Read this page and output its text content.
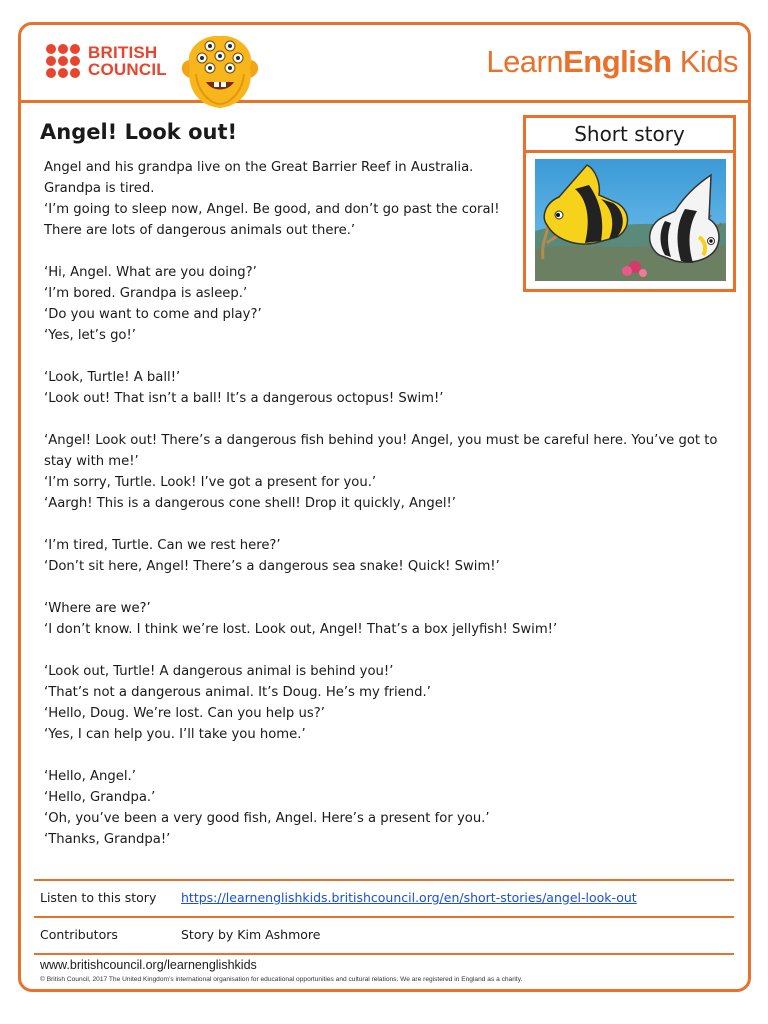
BRITISH
COUNCIL	LearnEnglish Kids
Angel! Look out!	Short story
Angel and his grandpa live on the Great Barrier Reef in Australia.
Grandpa is tired.
‘I’m going to sleep now, Angel. Be good, and don’t go past the coral!
There are lots of dangerous animals out there.’
‘Hi, Angel. What are you doing?’
‘I’m bored. Grandpa is asleep.’
‘Do you want to come and play?’
‘Yes, let’s go!’
‘Look, Turtle! A ball!’
‘Look out! That isn’t a ball! It’s a dangerous octopus! Swim!’
‘Angel! Look out! There’s a dangerous fish behind you! Angel, you must be careful here. You’ve got to stay with me!’
‘I’m sorry, Turtle. Look! I’ve got a present for you.’
‘Aargh! This is a dangerous cone shell! Drop it quickly, Angel!’
‘I’m tired, Turtle. Can we rest here?’
‘Don’t sit here, Angel! There’s a dangerous sea snake! Quick! Swim!’
‘Where are we?’
‘I don’t know. I think we’re lost. Look out, Angel! That’s a box jellyfish! Swim!’
‘Look out, Turtle! A dangerous animal is behind you!’
‘That’s not a dangerous animal. It’s Doug. He’s my friend.’
‘Hello, Doug. We’re lost. Can you help us?’
‘Yes, I can help you. I’ll take you home.’
‘Hello, Angel.’
‘Hello, Grandpa.’
‘Oh, you’ve been a very good fish, Angel. Here’s a present for you.’
‘Thanks, Grandpa!’
Listen to this story https://learnenglishkids.britishcouncil.org/en/short-stories/angel-look-out
Contributors	Story by Kim Ashmore
www.britishcouncil.org/learnenglishkids
© British Council, 2017 The United Kingdom’s international organisation for educational opportunities and cultural relations. We are registered in England as a charity.
